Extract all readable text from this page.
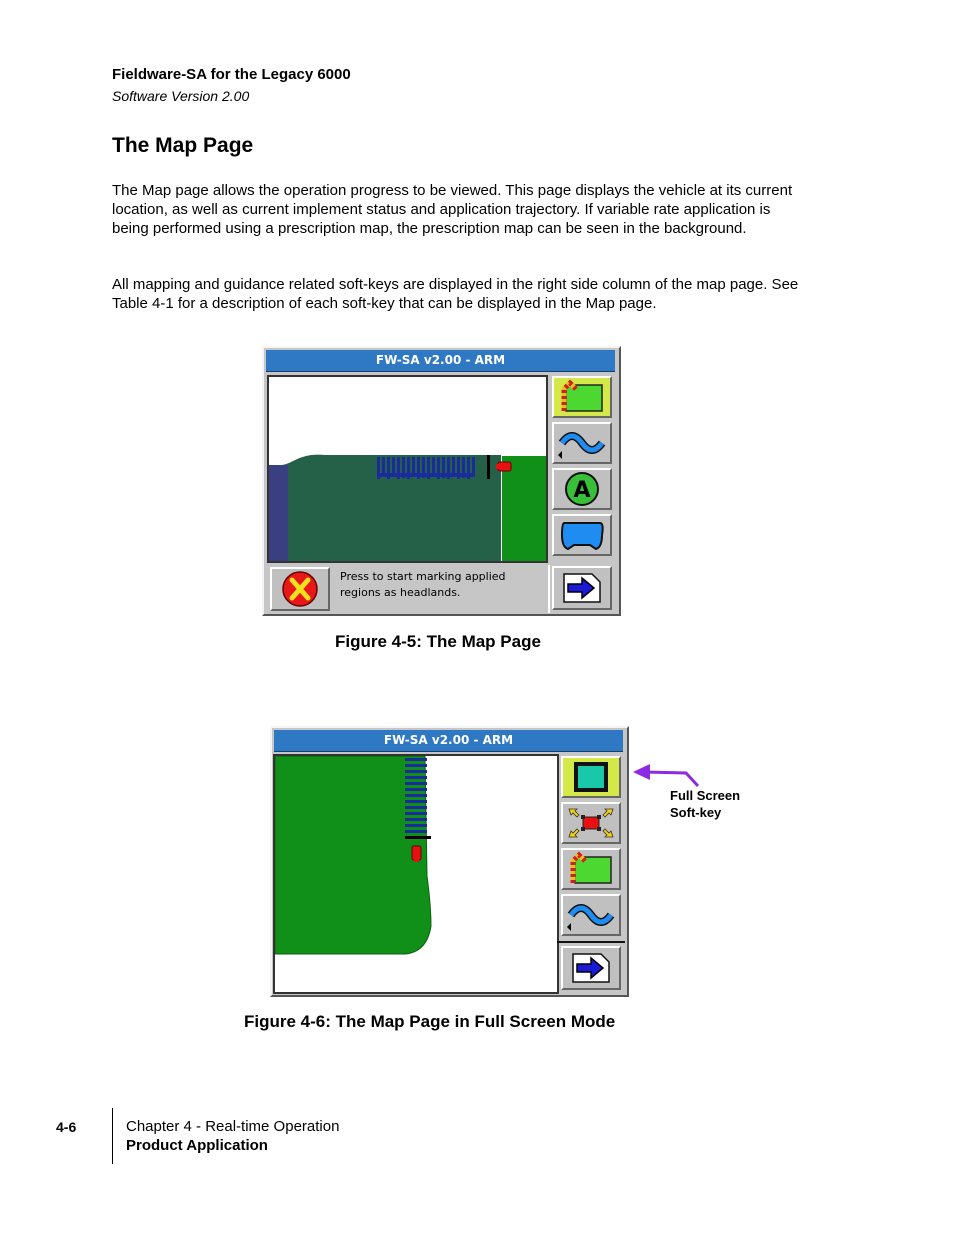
Fieldware-SA for the Legacy 6000
Software Version 2.00
The Map Page

The Map page allows the operation progress to be viewed. This page displays the vehicle at its current location, as well as current implement status and application trajectory. If variable rate application is being performed using a prescription map, the prescription map can be seen in the background.

All mapping and guidance related soft-keys are displayed in the right side column of the map page. See Table 4-1 for a description of each soft-key that can be displayed in the Map page.

FW-SA v2.00 - ARM
A
Press to start marking applied regions as headlands.
Figure 4-5: The Map Page
FW-SA v2.00 - ARM
Full Screen
Soft-key
Figure 4-6: The Map Page in Full Screen Mode
4-6	Chapter 4 - Real-time Operation
Product Application
